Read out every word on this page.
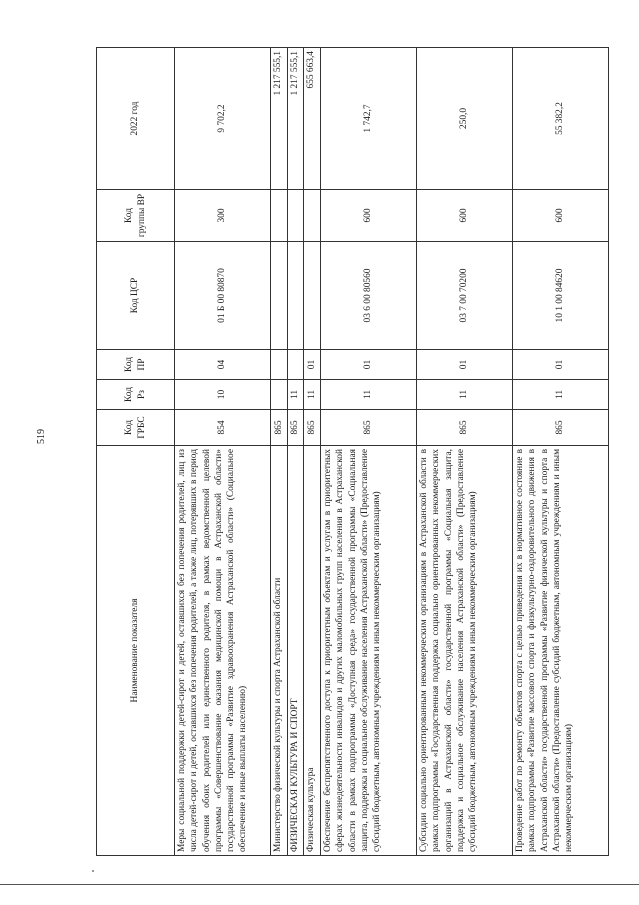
519
Наименование показателя	Код ГРБС	Код Рз	Код ПР	Код ЦСР	Код группы ВР	2022 год
Меры социальной поддержки детей-сирот и детей, оставшихся без попечения родителей, лиц из числа детей-сирот и детей, оставшихся без попечения родителей, а также лиц, потерявших в период обучения обоих родителей или единственного родителя, в рамках ведомственной целевой программы «Совершенствование оказания медицинской помощи в Астраханской области» государственной программы «Развитие здравоохранения Астраханской области» (Социальное обеспечение и иные выплаты населению)	854	10	04	01 Б 00 80870	300	9 702,2
Министерство физической культуры и спорта Астраханской области	865					1 217 555,1
ФИЗИЧЕСКАЯ КУЛЬТУРА И СПОРТ	865	11				1 217 555,1
Физическая культура	865	11	01			655 663,4
Обеспечение беспрепятственного доступа к приоритетным объектам и услугам в приоритетных сферах жизнедеятельности инвалидов и других маломобильных групп населения в Астраханской области в рамках подпрограммы «Доступная среда» государственной программы «Социальная защита, поддержка и социальное обслуживание населения Астраханской области» (Предоставление субсидий бюджетным, автономным учреждениям и иным некоммерческим организациям)	865	11	01	03 6 00 80560	600	1 742,7
Субсидии социально ориентированным некоммерческим организациям в Астраханской области в рамках подпрограммы «Государственная поддержка социально ориентированных некоммерческих организаций в Астраханской области» государственной программы «Социальная защита, поддержка и социальное обслуживание населения Астраханской области» (Предоставление субсидий бюджетным, автономным учреждениям и иным некоммерческим организациям)	865	11	01	03 7 00 70200	600	250,0
Проведение работ по ремонту объектов спорта с целью приведения их в нормативное состояние в рамках подпрограммы «Развитие массового спорта и физкультурно-оздоровительного движения в Астраханской области» государственной программы «Развитие физической культуры и спорта в Астраханской области» (Предоставление субсидий бюджетным, автономным учреждениям и иным некоммерческим организациям)	865	11	01	10 1 00 84620	600	55 382,2
